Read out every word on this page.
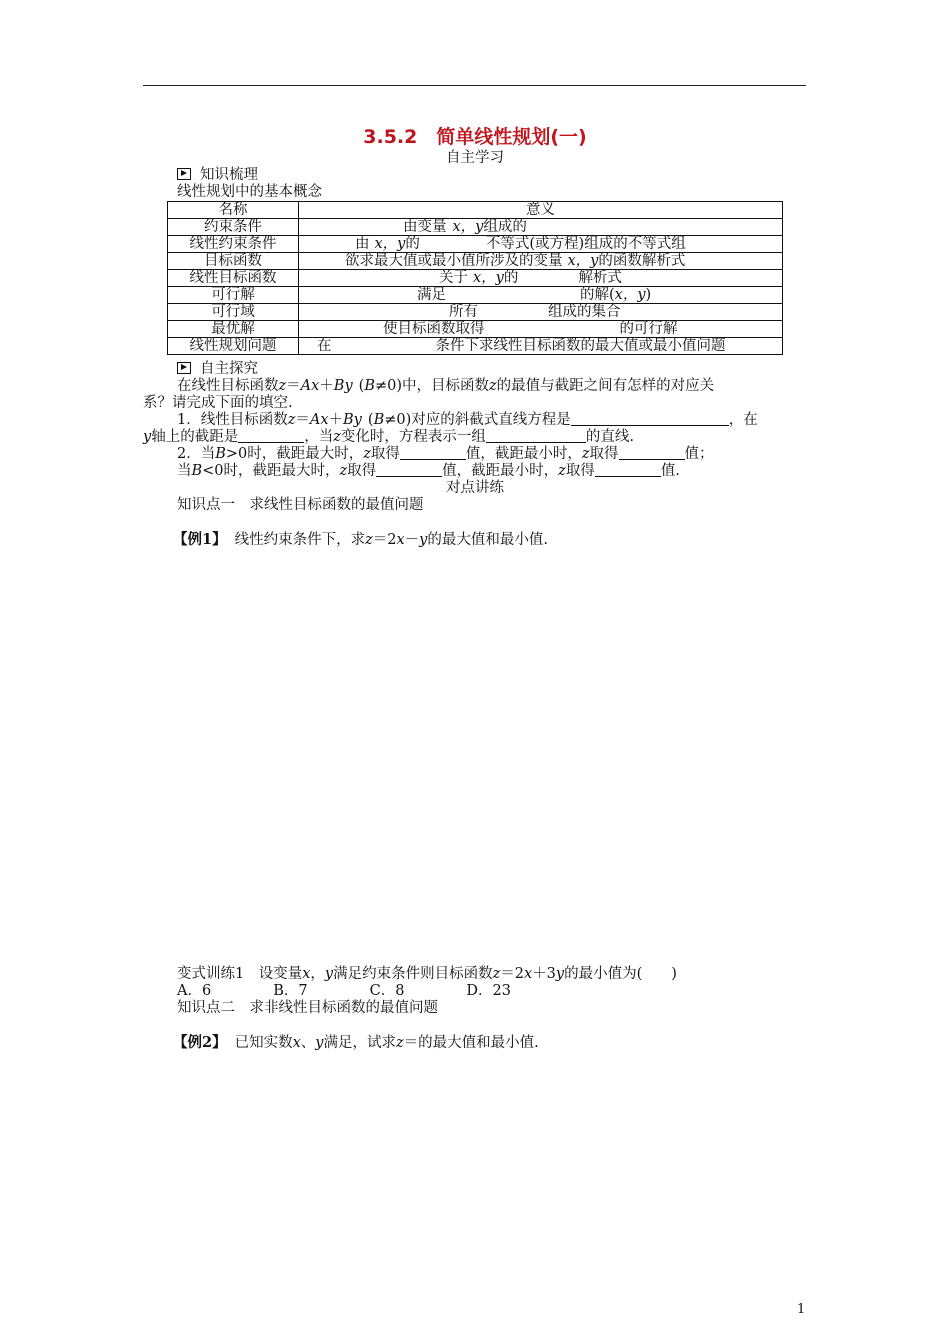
3.5.2　简单线性规划(一)
自主学习
知识梳理
线性规划中的基本概念
名称	意义
约束条件	由变量 x，y组成的
线性约束条件	由 x，y的 不等式(或方程)组成的不等式组
目标函数	欲求最大值或最小值所涉及的变量 x，y的函数解析式
线性目标函数	关于 x，y的 解析式
可行解	满足 的解(x，y)
可行域	所有 组成的集合
最优解	使目标函数取得 的可行解
线性规划问题	在 条件下求线性目标函数的最大值或最小值问题
自主探究
在线性目标函数z＝Ax＋By (B≠0)中，目标函数z的最值与截距之间有怎样的对应关
系？请完成下面的填空.
1．线性目标函数z＝Ax＋By (B≠0)对应的斜截式直线方程是	，在
y轴上的截距是	，当z变化时，方程表示一组	的直线.
2．当B>0时，截距最大时，z取得	值，截距最小时，z取得	值；
当B<0时，截距最大时，z取得	值，截距最小时，z取得	值.
对点讲练
知识点一　求线性目标函数的最值问题
【例1】 线性约束条件下，求z＝2x－y的最大值和最小值.
变式训练1　设变量x，y满足约束条件则目标函数z＝2x＋3y的最小值为(　　)
A．6	B．7	C．8	D．23
知识点二　求非线性目标函数的最值问题
【例2】 已知实数x、y满足，试求z＝的最大值和最小值.
1
